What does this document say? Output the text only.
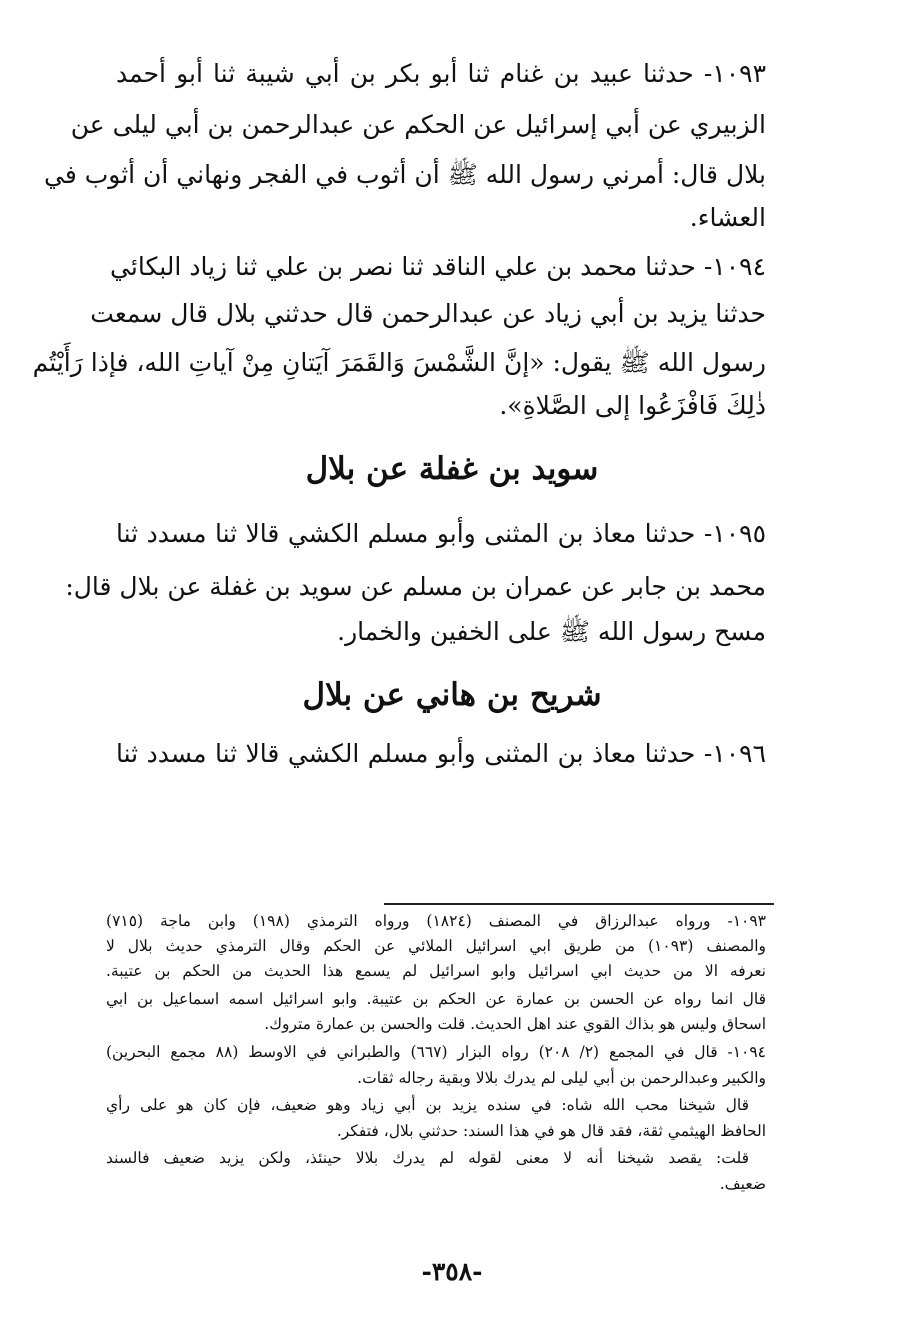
١٠٩٣- حدثنا عبيد بن غنام ثنا أبو بكر بن أبي شيبة ثنا أبو أحمد
الزبيري عن أبي إسرائيل عن الحكم عن عبدالرحمن بن أبي ليلى عن
بلال قال: أمرني رسول الله ﷺ أن أثوب في الفجر ونهاني أن أثوب في
العشاء.
١٠٩٤- حدثنا محمد بن علي الناقد ثنا نصر بن علي ثنا زياد البكائي
حدثنا يزيد بن أبي زياد عن عبدالرحمن قال حدثني بلال قال سمعت
رسول الله ﷺ يقول: «إنَّ الشَّمْسَ وَالقَمَرَ آيَتانِ مِنْ آياتِ الله، فإذا رَأَيْتُم
ذٰلِكَ فَافْزَعُوا إلى الصَّلاةِ».
سويد بن غفلة عن بلال
١٠٩٥- حدثنا معاذ بن المثنى وأبو مسلم الكشي قالا ثنا مسدد ثنا
محمد بن جابر عن عمران بن مسلم عن سويد بن غفلة عن بلال قال:
مسح رسول الله ﷺ على الخفين والخمار.
شريح بن هاني عن بلال
١٠٩٦- حدثنا معاذ بن المثنى وأبو مسلم الكشي قالا ثنا مسدد ثنا
١٠٩٣- ورواه عبدالرزاق في المصنف (١٨٢٤) ورواه الترمذي (١٩٨) وابن ماجة (٧١٥)
والمصنف (١٠٩٣) من طريق ابي اسرائيل الملائي عن الحكم وقال الترمذي حديث بلال لا
نعرفه الا من حديث ابي اسرائيل وابو اسرائيل لم يسمع هذا الحديث من الحكم بن عتيبة.
قال انما رواه عن الحسن بن عمارة عن الحكم بن عتيبة. وابو اسرائيل اسمه اسماعيل بن ابي
اسحاق وليس هو بذاك القوي عند اهل الحديث. قلت والحسن بن عمارة متروك.
١٠٩٤- قال في المجمع (٢/ ٢٠٨) رواه البزار (٦٦٧) والطبراني في الاوسط (٨٨ مجمع البحرين)
والكبير وعبدالرحمن بن أبي ليلى لم يدرك بلالا وبقية رجاله ثقات.
قال شيخنا محب الله شاه: في سنده يزيد بن أبي زياد وهو ضعيف، فإن كان هو على رأي
الحافظ الهيثمي ثقة، فقد قال هو في هذا السند: حدثني بلال، فتفكر.
قلت: يقصد شيخنا أنه لا معنى لقوله لم يدرك بلالا حينئذ، ولكن يزيد ضعيف فالسند
ضعيف.
-٣٥٨-
